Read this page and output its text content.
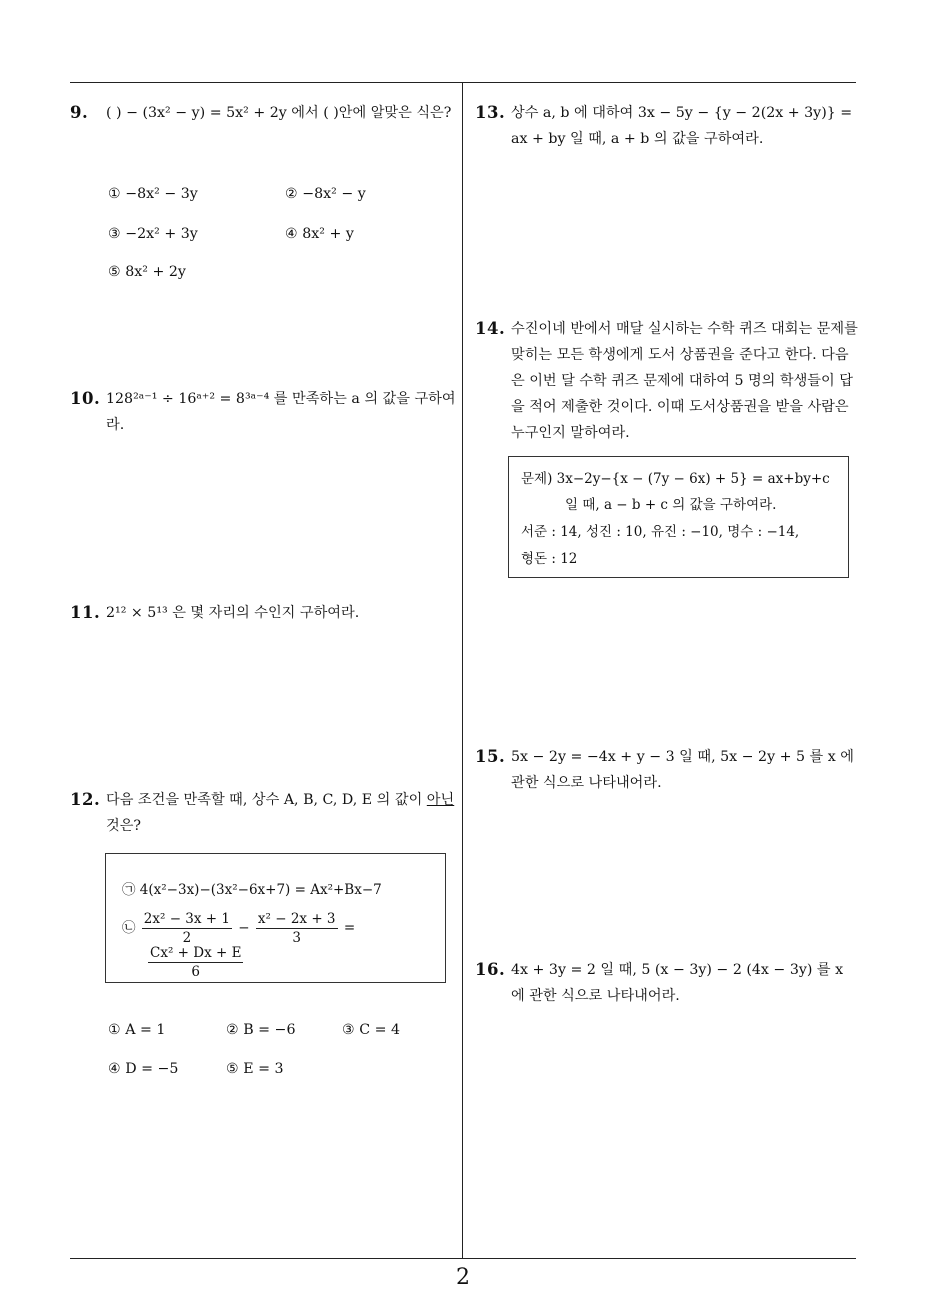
9. ( ) − (3x² − y) = 5x² + 2y 에서 ( )안에 알맞은 식은?
① −8x² − 3y	② −8x² − y
③ −2x² + 3y	④ 8x² + y
⑤ 8x² + 2y
10. 128²ᵃ⁻¹ ÷ 16ᵃ⁺² = 8³ᵃ⁻⁴ 를 만족하는 a 의 값을 구하여라.
11. 2¹² × 5¹³ 은 몇 자리의 수인지 구하여라.
12. 다음 조건을 만족할 때, 상수 A, B, C, D, E 의 값이 아닌 것은?
㉠ 4(x²−3x)−(3x²−6x+7) = Ax²+Bx−7
㉡ $\frac{\text{2x² − 3x + 1}}{2} - \frac{\text{x² − 2x + 3}}{3}$ =
$\frac{\text{Cx² + Dx + E}}{6}$
① A = 1	② B = −6	③ C = 4
④ D = −5	⑤ E = 3
13. 상수 a, b 에 대하여 3x − 5y − {y − 2(2x + 3y)} = ax + by 일 때, a + b 의 값을 구하여라.
14. 수진이네 반에서 매달 실시하는 수학 퀴즈 대회는 문제를 맞히는 모든 학생에게 도서 상품권을 준다고 한다. 다음은 이번 달 수학 퀴즈 문제에 대하여 5 명의 학생들이 답을 적어 제출한 것이다. 이때 도서상품권을 받을 사람은 누구인지 말하여라.
문제) 3x−2y−{x − (7y − 6x) + 5} = ax+by+c
일 때, a − b + c 의 값을 구하여라.
서준 : 14, 성진 : 10, 유진 : −10, 명수 : −14,
형돈 : 12
15. 5x − 2y = −4x + y − 3 일 때, 5x − 2y + 5 를 x 에 관한 식으로 나타내어라.
16. 4x + 3y = 2 일 때, 5 (x − 3y) − 2 (4x − 3y) 를 x 에 관한 식으로 나타내어라.
2
